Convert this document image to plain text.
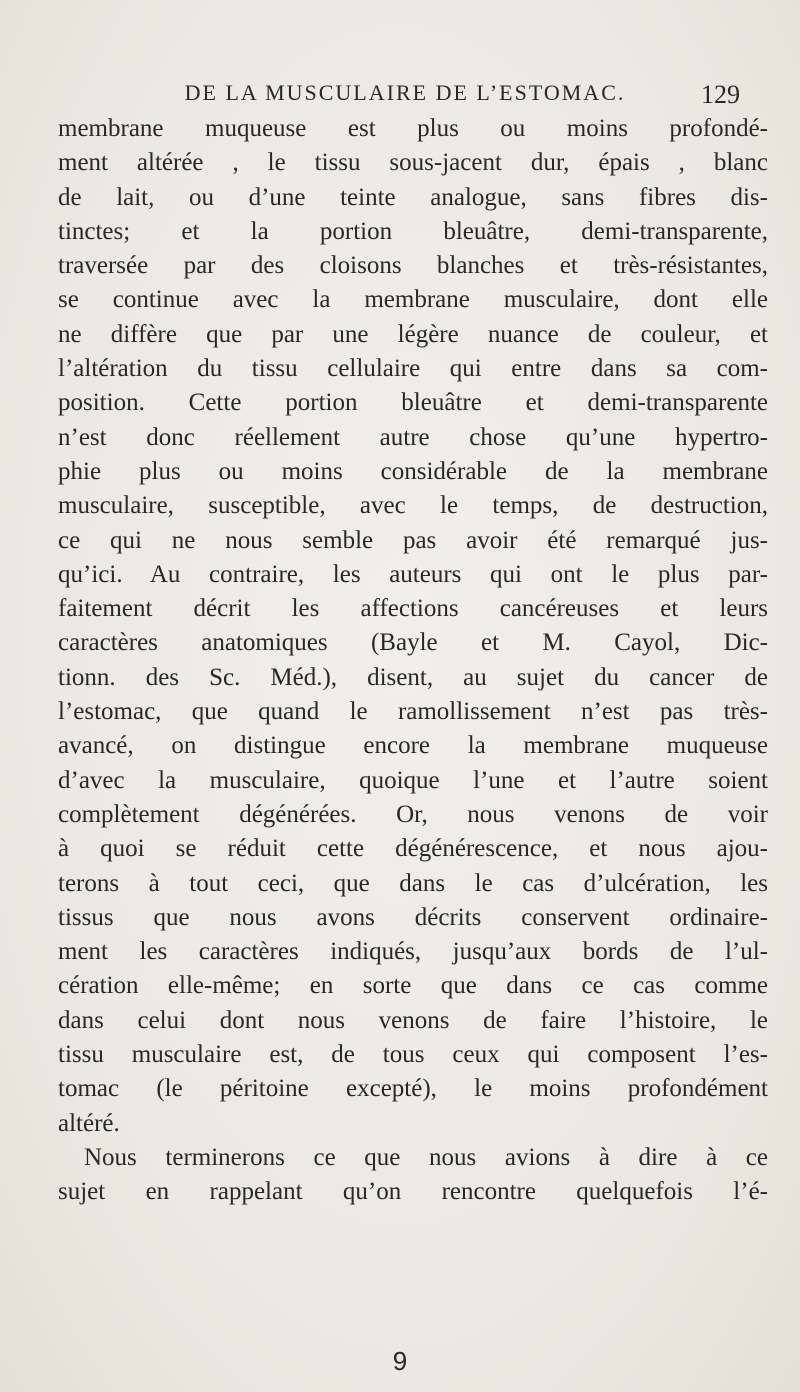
DE LA MUSCULAIRE DE L’ESTOMAC.	129
membrane muqueuse est plus ou moins profondé-
ment altérée , le tissu sous-jacent dur, épais , blanc
de lait, ou d’une teinte analogue, sans fibres dis-
tinctes; et la portion bleuâtre, demi-transparente,
traversée par des cloisons blanches et très-résistantes,
se continue avec la membrane musculaire, dont elle
ne diffère que par une légère nuance de couleur, et
l’altération du tissu cellulaire qui entre dans sa com-
position. Cette portion bleuâtre et demi-transparente
n’est donc réellement autre chose qu’une hypertro-
phie plus ou moins considérable de la membrane
musculaire, susceptible, avec le temps, de destruction,
ce qui ne nous semble pas avoir été remarqué jus-
qu’ici. Au contraire, les auteurs qui ont le plus par-
faitement décrit les affections cancéreuses et leurs
caractères anatomiques (Bayle et M. Cayol, Dic-
tionn. des Sc. Méd.), disent, au sujet du cancer de
l’estomac, que quand le ramollissement n’est pas très-
avancé, on distingue encore la membrane muqueuse
d’avec la musculaire, quoique l’une et l’autre soient
complètement dégénérées. Or, nous venons de voir
à quoi se réduit cette dégénérescence, et nous ajou-
terons à tout ceci, que dans le cas d’ulcération, les
tissus que nous avons décrits conservent ordinaire-
ment les caractères indiqués, jusqu’aux bords de l’ul-
cération elle-même; en sorte que dans ce cas comme
dans celui dont nous venons de faire l’histoire, le
tissu musculaire est, de tous ceux qui composent l’es-
tomac (le péritoine excepté), le moins profondément
altéré.
Nous terminerons ce que nous avions à dire à ce
sujet en rappelant qu’on rencontre quelquefois l’é-
9
